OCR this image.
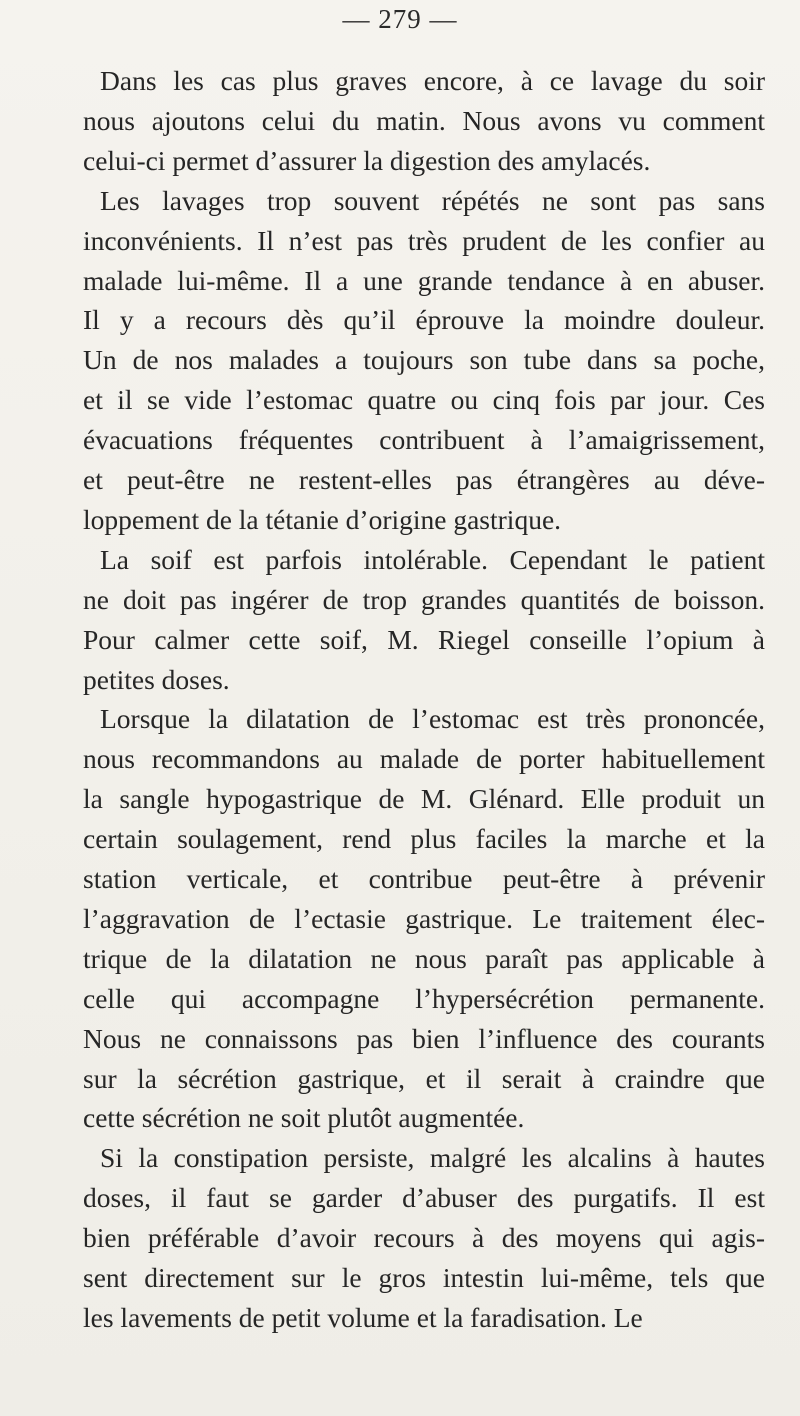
— 279 —
Dans les cas plus graves encore, à ce lavage du soir
nous ajoutons celui du matin. Nous avons vu comment
celui-ci permet d’assurer la digestion des amylacés.
Les lavages trop souvent répétés ne sont pas sans
inconvénients. Il n’est pas très prudent de les confier au
malade lui-même. Il a une grande tendance à en abuser.
Il y a recours dès qu’il éprouve la moindre douleur.
Un de nos malades a toujours son tube dans sa poche,
et il se vide l’estomac quatre ou cinq fois par jour. Ces
évacuations fréquentes contribuent à l’amaigrissement,
et peut-être ne restent-elles pas étrangères au déve-
loppement de la tétanie d’origine gastrique.
La soif est parfois intolérable. Cependant le patient
ne doit pas ingérer de trop grandes quantités de boisson.
Pour calmer cette soif, M. Riegel conseille l’opium à
petites doses.
Lorsque la dilatation de l’estomac est très prononcée,
nous recommandons au malade de porter habituellement
la sangle hypogastrique de M. Glénard. Elle produit un
certain soulagement, rend plus faciles la marche et la
station verticale, et contribue peut-être à prévenir
l’aggravation de l’ectasie gastrique. Le traitement élec-
trique de la dilatation ne nous paraît pas applicable à
celle qui accompagne l’hypersécrétion permanente.
Nous ne connaissons pas bien l’influence des courants
sur la sécrétion gastrique, et il serait à craindre que
cette sécrétion ne soit plutôt augmentée.
Si la constipation persiste, malgré les alcalins à hautes
doses, il faut se garder d’abuser des purgatifs. Il est
bien préférable d’avoir recours à des moyens qui agis-
sent directement sur le gros intestin lui-même, tels que
les lavements de petit volume et la faradisation. Le
